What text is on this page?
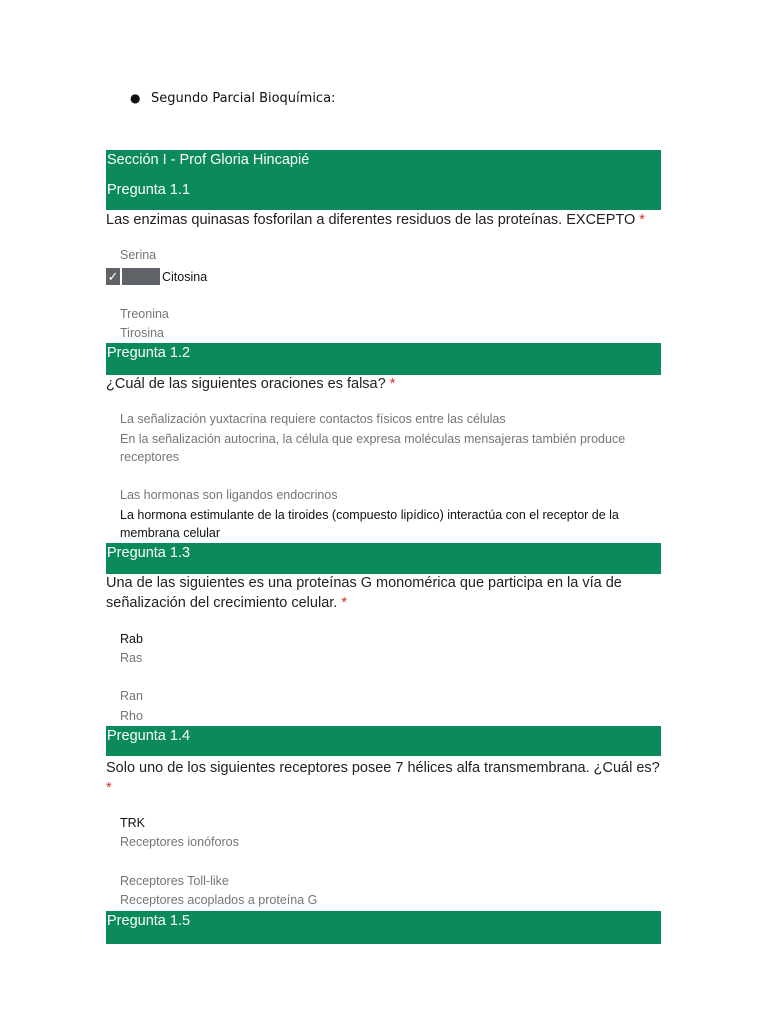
● Segundo Parcial Bioquímica:
Sección I - Prof Gloria Hincapié
Pregunta 1.1
Las enzimas quinasas fosforilan a diferentes residuos de las proteínas. EXCEPTO *
Serina
✓	Citosina
Treonina
Tirosina
Pregunta 1.2
¿Cuál de las siguientes oraciones es falsa? *
La señalización yuxtacrina requiere contactos físicos entre las células
En la señalización autocrina, la célula que expresa moléculas mensajeras también produce receptores
Las hormonas son ligandos endocrinos
La hormona estimulante de la tiroides (compuesto lipídico) interactúa con el receptor de la membrana celular
Pregunta 1.3
Una de las siguientes es una proteínas G monomérica que participa en la vía de señalización del crecimiento celular. *
Rab
Ras
Ran
Rho
Pregunta 1.4
Solo uno de los siguientes receptores posee 7 hélices alfa transmembrana. ¿Cuál es? *
TRK
Receptores ionóforos
Receptores Toll-like
Receptores acoplados a proteína G
Pregunta 1.5
